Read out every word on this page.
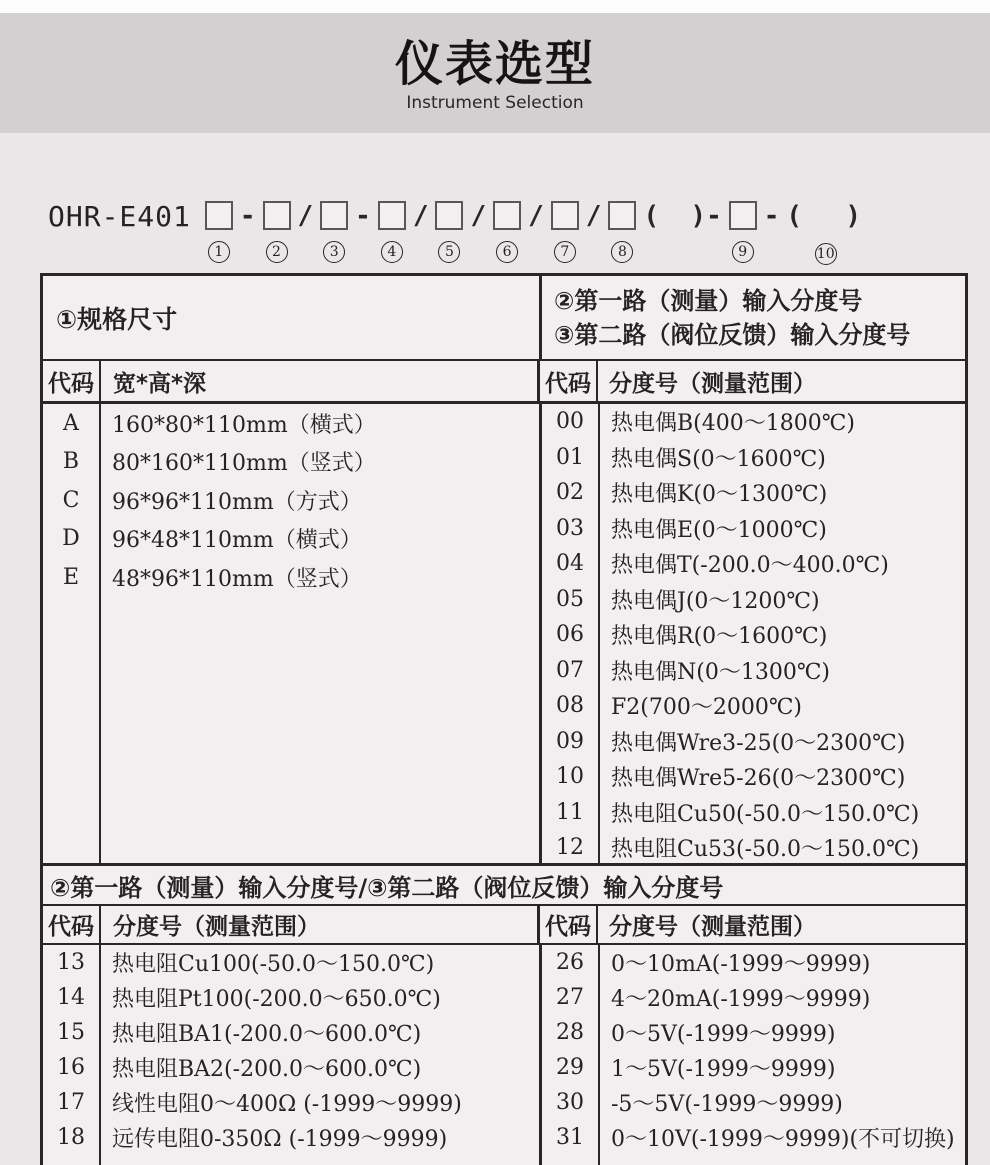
仪表选型
Instrument Selection
OHR-E401
1
-
2
/
3
-
4
/
5
/
6
/
7
/
8
(  )-
9
- (  )
10
①规格尺寸
②第一路（测量）输入分度号
③第二路（阀位反馈）输入分度号
代码 宽*高*深	代码 分度号（测量范围）
A
B
C
D
E
160*80*110mm（横式）
80*160*110mm（竖式）
96*96*110mm（方式）
96*48*110mm（横式）
48*96*110mm（竖式）
00
01
02
03
04
05
06
07
08
09
10
11
12
热电偶B(400～1800℃)
热电偶S(0～1600℃)
热电偶K(0～1300℃)
热电偶E(0～1000℃)
热电偶T(-200.0～400.0℃)
热电偶J(0～1200℃)
热电偶R(0～1600℃)
热电偶N(0～1300℃)
F2(700～2000℃)
热电偶Wre3-25(0～2300℃)
热电偶Wre5-26(0～2300℃)
热电阻Cu50(-50.0～150.0℃)
热电阻Cu53(-50.0～150.0℃)
②第一路（测量）输入分度号/③第二路（阀位反馈）输入分度号
代码 分度号（测量范围）	代码 分度号（测量范围）
13
14
15
16
17
18
热电阻Cu100(-50.0～150.0℃)
热电阻Pt100(-200.0～650.0℃)
热电阻BA1(-200.0～600.0℃)
热电阻BA2(-200.0～600.0℃)
线性电阻0～400Ω (-1999～9999)
远传电阻0-350Ω (-1999～9999)
26
27
28
29
30
31
0～10mA(-1999～9999)
4～20mA(-1999～9999)
0～5V(-1999～9999)
1～5V(-1999～9999)
-5～5V(-1999～9999)
0～10V(-1999～9999)(不可切换)
